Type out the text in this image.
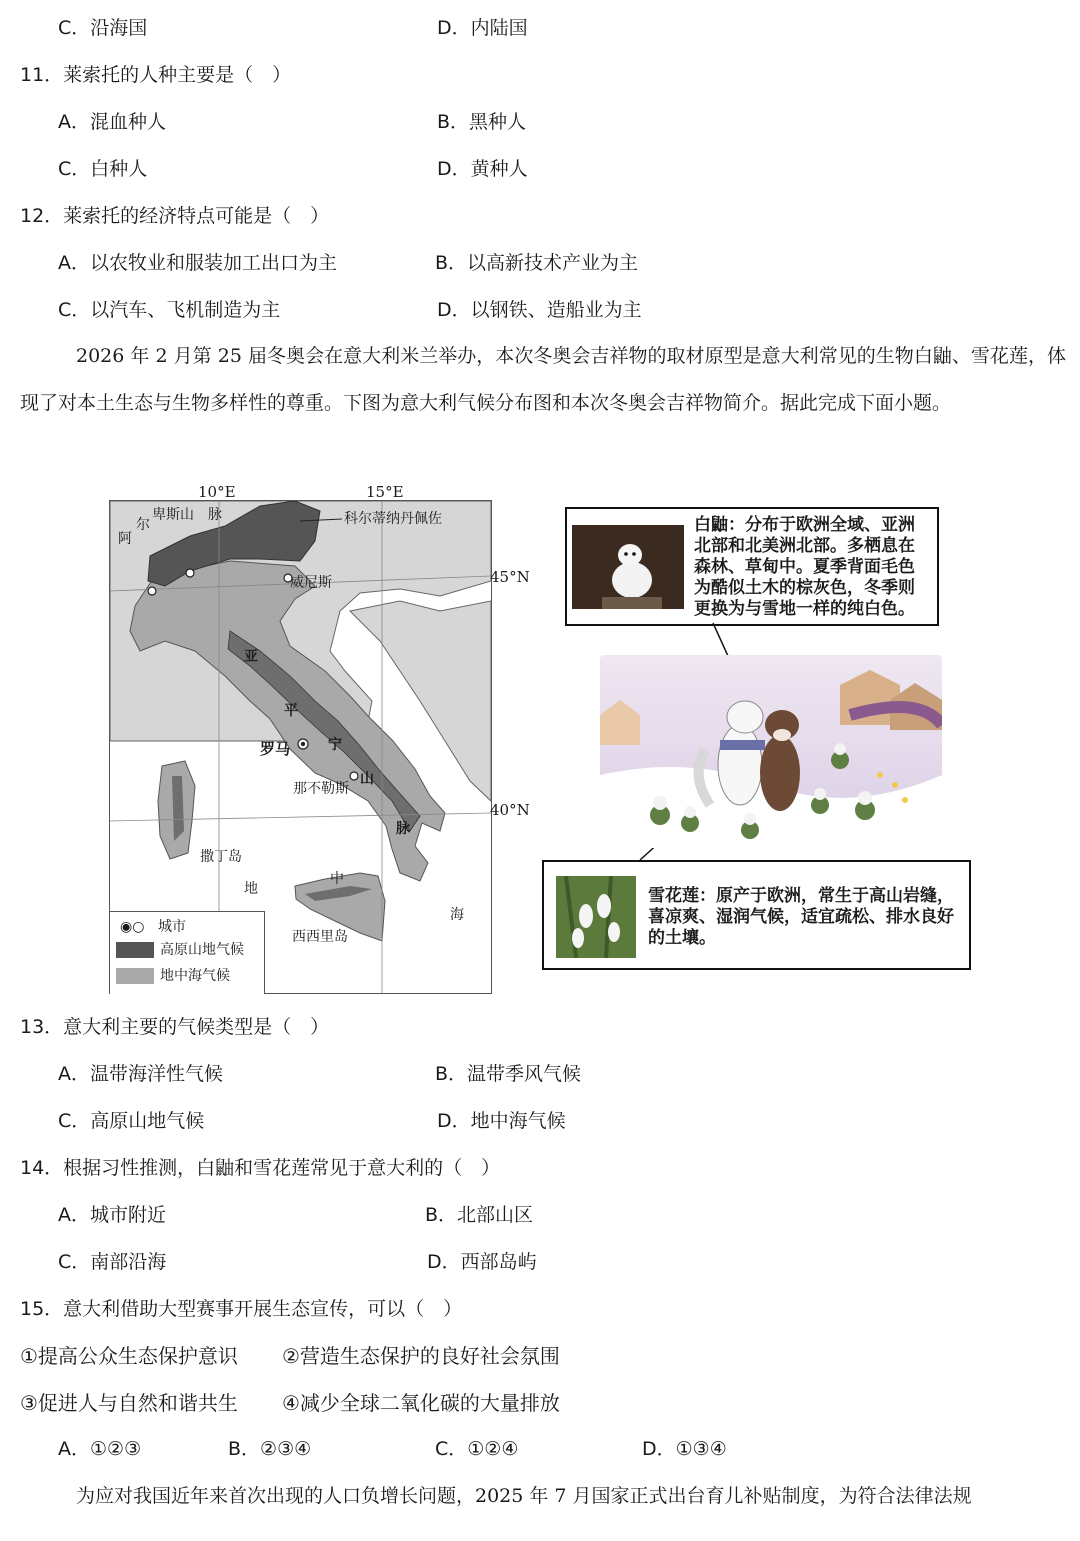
C．沿海国	D．内陆国
11．莱索托的人种主要是（　）
A．混血种人	B．黑种人
C．白种人	D．黄种人
12．莱索托的经济特点可能是（　）
A．以农牧业和服装加工出口为主	B．以高新技术产业为主
C．以汽车、飞机制造为主	D．以钢铁、造船业为主
2026 年 2 月第 25 届冬奥会在意大利米兰举办，本次冬奥会吉祥物的取材原型是意大利常见的生物白鼬、雪花莲，体现了对本土生态与生物多样性的尊重。下图为意大利气候分布图和本次冬奥会吉祥物简介。据此完成下面小题。
阿
尔
卑斯山 脉	科尔蒂纳丹佩佐
威尼斯
亚
平
宁
山
脉
罗马
那不勒斯
撒丁岛
地
中
海
西西里岛
◉○ 城市
高原山地气候
地中海气候
10°E	15°E
45°N
40°N
白鼬：分布于欧洲全域、亚洲北部和北美洲北部。多栖息在森林、草甸中。夏季背面毛色为酷似土木的棕灰色，冬季则更换为与雪地一样的纯白色。
雪花莲：原产于欧洲，常生于高山岩缝，喜凉爽、湿润气候，适宜疏松、排水良好的土壤。
13．意大利主要的气候类型是（　）
A．温带海洋性气候	B．温带季风气候
C．高原山地气候	D．地中海气候
14．根据习性推测，白鼬和雪花莲常见于意大利的（　）
A．城市附近	B．北部山区
C．南部沿海	D．西部岛屿
15．意大利借助大型赛事开展生态宣传，可以（　）
①提高公众生态保护意识 ②营造生态保护的良好社会氛围
③促进人与自然和谐共生 ④减少全球二氧化碳的大量排放
A．①②③	B．②③④	C．①②④	D．①③④
为应对我国近年来首次出现的人口负增长问题，2025 年 7 月国家正式出台育儿补贴制度，为符合法律法规
